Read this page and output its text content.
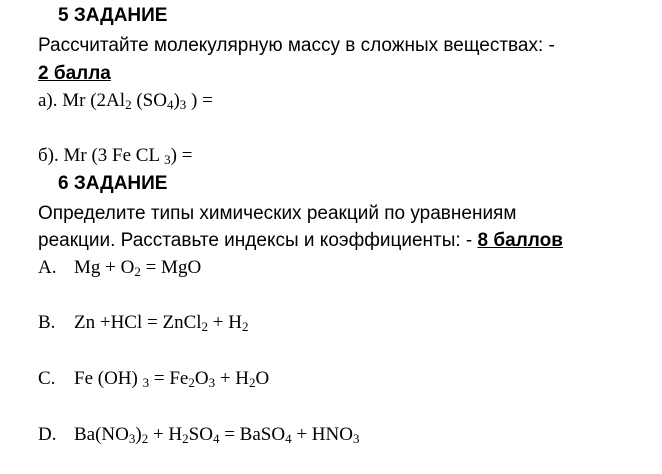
5 ЗАДАНИЕ
Рассчитайте молекулярную массу в сложных веществах: -
2 балла
а). Mr ($2Al_2$ $(SO_4)_3$ ) =
б). Mr (3 Fe CL $_3$) =
6 ЗАДАНИЕ
Определите типы химических реакций по уравнениям
реакции. Расставьте индексы и коэффициенты: - 8 баллов
A. $Mg + O_2$ = MgO
B. Zn +HCl = ZnCl$_2$ + $H_2$
C. Fe (OH) $_3 = Fe_2O_3 + H_2O$
D. $Ba(NO_3)_2 + H_2SO_4$ = BaSO$_4$ + $HNO_3$
